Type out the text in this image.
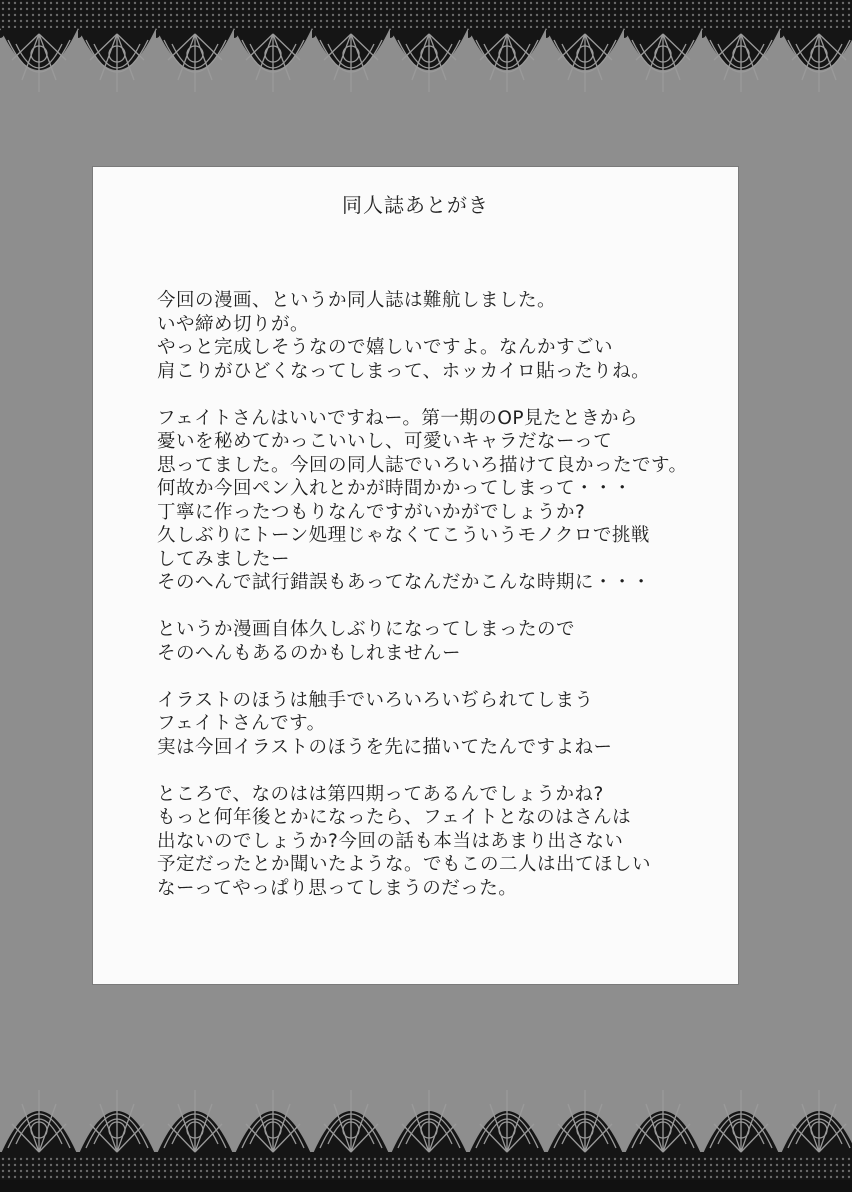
同人誌あとがき
今回の漫画、というか同人誌は難航しました。
いや締め切りが。
やっと完成しそうなので嬉しいですよ。なんかすごい
肩こりがひどくなってしまって、ホッカイロ貼ったりね。
フェイトさんはいいですねー。第一期のOP見たときから
憂いを秘めてかっこいいし、可愛いキャラだなーって
思ってました。今回の同人誌でいろいろ描けて良かったです。
何故か今回ペン入れとかが時間かかってしまって・・・
丁寧に作ったつもりなんですがいかがでしょうか?
久しぶりにトーン処理じゃなくてこういうモノクロで挑戦
してみましたー
そのへんで試行錯誤もあってなんだかこんな時期に・・・
というか漫画自体久しぶりになってしまったので
そのへんもあるのかもしれませんー
イラストのほうは触手でいろいろいぢられてしまう
フェイトさんです。
実は今回イラストのほうを先に描いてたんですよねー
ところで、なのはは第四期ってあるんでしょうかね?
もっと何年後とかになったら、フェイトとなのはさんは
出ないのでしょうか?今回の話も本当はあまり出さない
予定だったとか聞いたような。でもこの二人は出てほしい
なーってやっぱり思ってしまうのだった。
